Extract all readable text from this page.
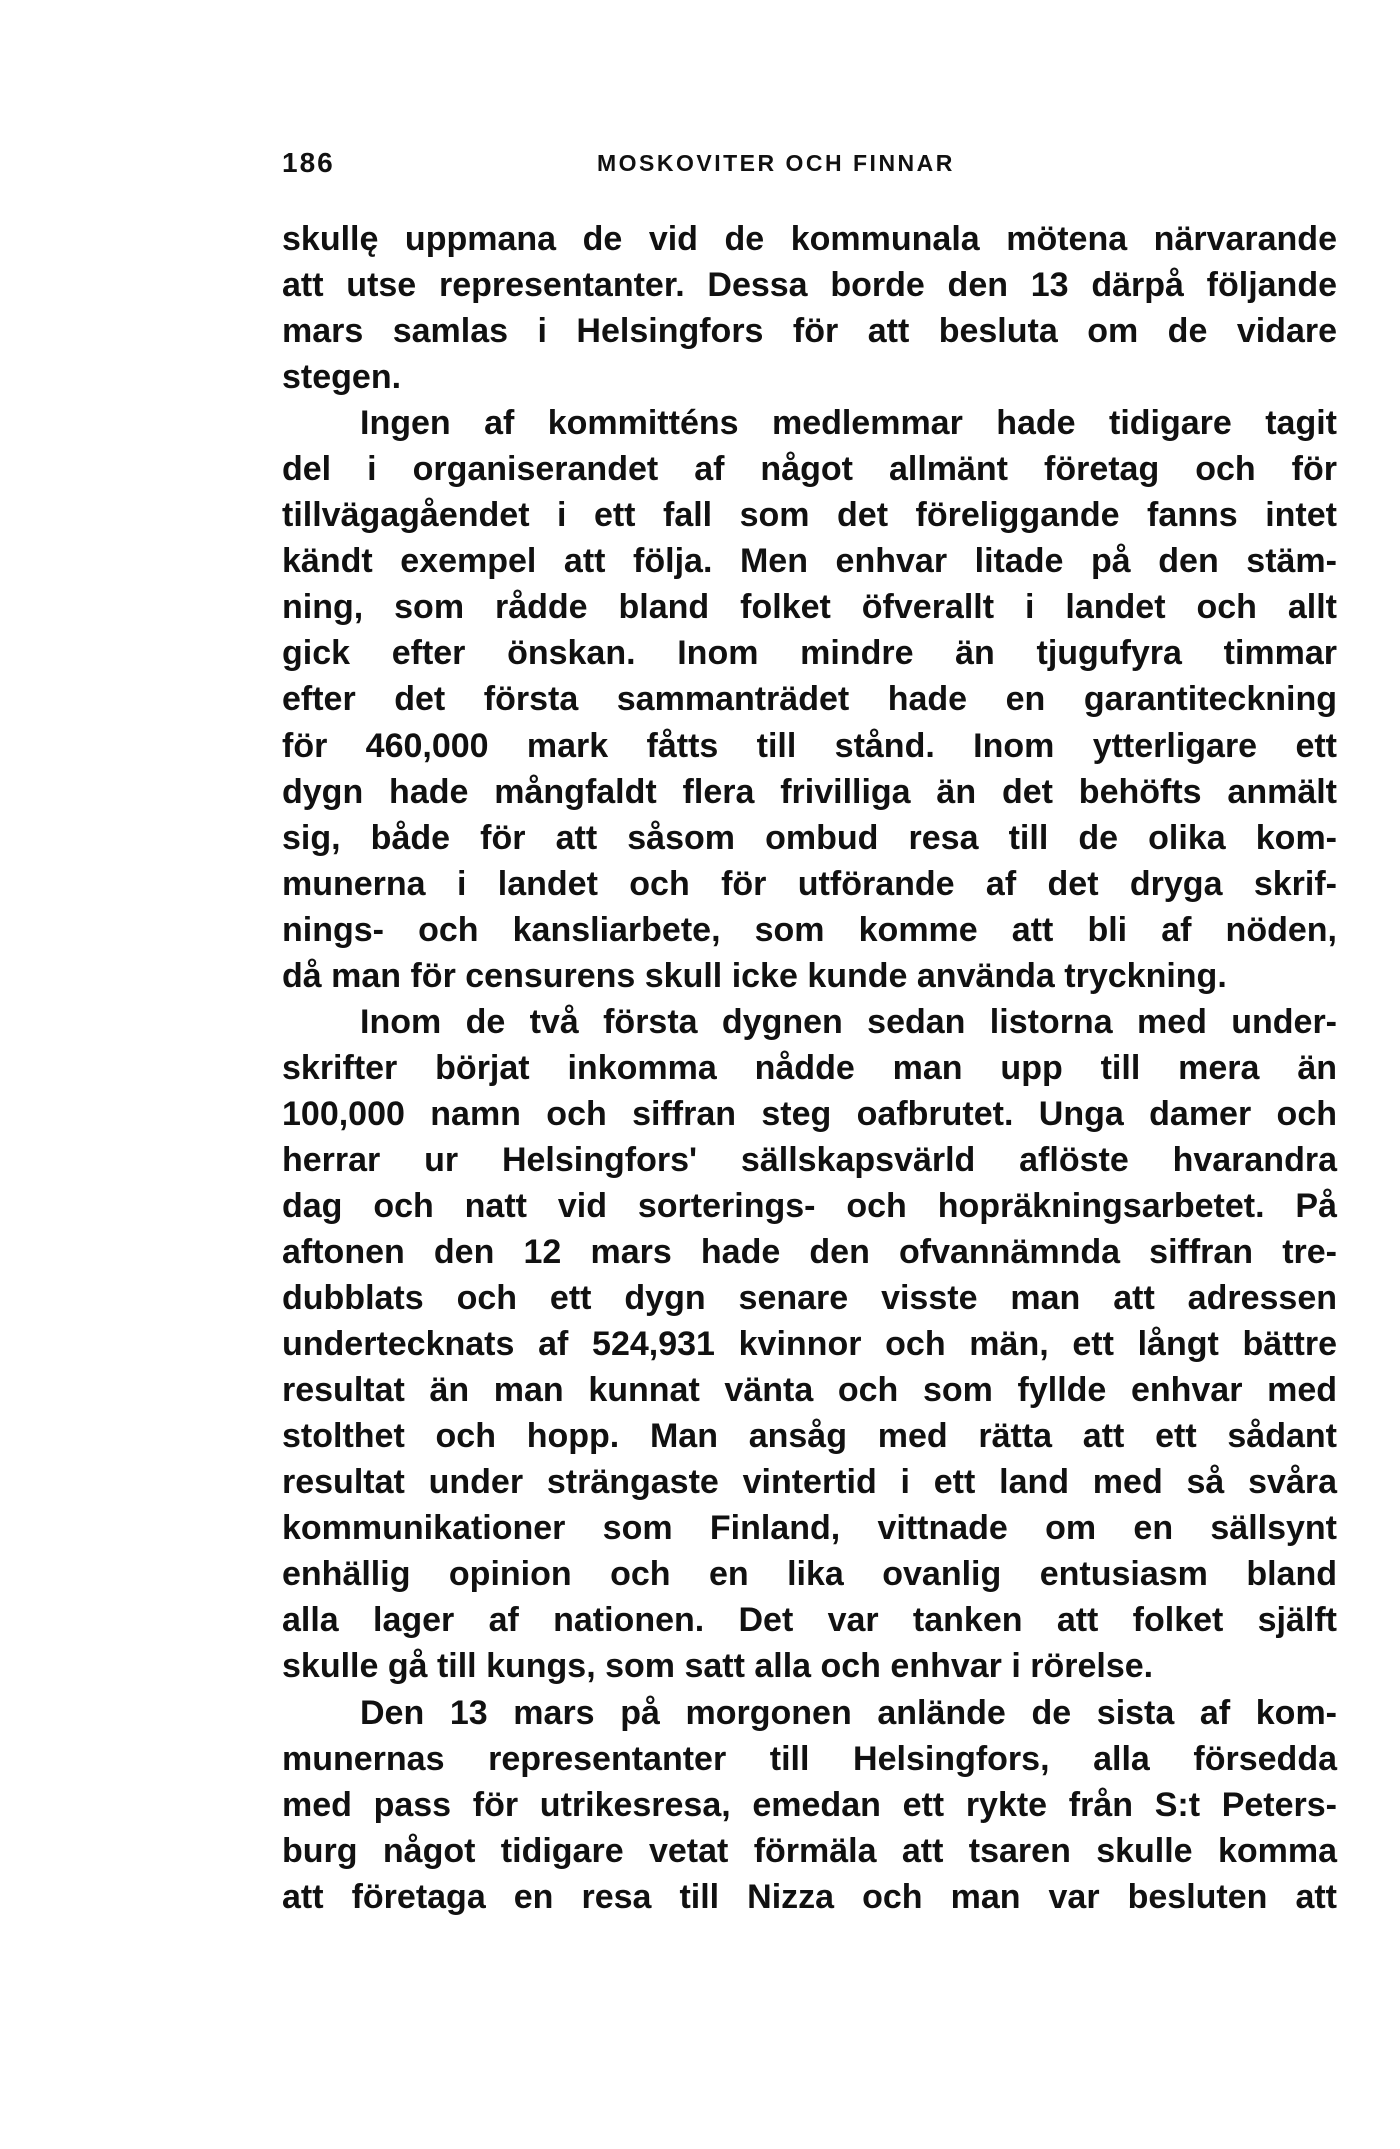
186	MOSKOVITER OCH FINNAR
skullę uppmana de vid de kommunala mötena närvarande
att utse representanter. Dessa borde den 13 därpå följande
mars samlas i Helsingfors för att besluta om de vidare
stegen.
Ingen af kommitténs medlemmar hade tidigare tagit
del i organiserandet af något allmänt företag och för
tillvägagåendet i ett fall som det föreliggande fanns intet
kändt exempel att följa. Men enhvar litade på den stäm-
ning, som rådde bland folket öfverallt i landet och allt
gick efter önskan. Inom mindre än tjugufyra timmar
efter det första sammanträdet hade en garantiteckning
för 460,000 mark fåtts till stånd. Inom ytterligare ett
dygn hade mångfaldt flera frivilliga än det behöfts anmält
sig, både för att såsom ombud resa till de olika kom-
munerna i landet och för utförande af det dryga skrif-
nings- och kansliarbete, som komme att bli af nöden,
då man för censurens skull icke kunde använda tryckning.
Inom de två första dygnen sedan listorna med under-
skrifter börjat inkomma nådde man upp till mera än
100,000 namn och siffran steg oafbrutet. Unga damer och
herrar ur Helsingfors' sällskapsvärld aflöste hvarandra
dag och natt vid sorterings- och hopräkningsarbetet. På
aftonen den 12 mars hade den ofvannämnda siffran tre-
dubblats och ett dygn senare visste man att adressen
undertecknats af 524,931 kvinnor och män, ett långt bättre
resultat än man kunnat vänta och som fyllde enhvar med
stolthet och hopp. Man ansåg med rätta att ett sådant
resultat under strängaste vintertid i ett land med så svåra
kommunikationer som Finland, vittnade om en sällsynt
enhällig opinion och en lika ovanlig entusiasm bland
alla lager af nationen. Det var tanken att folket själft
skulle gå till kungs, som satt alla och enhvar i rörelse.
Den 13 mars på morgonen anlände de sista af kom-
munernas representanter till Helsingfors, alla försedda
med pass för utrikesresa, emedan ett rykte från S:t Peters-
burg något tidigare vetat förmäla att tsaren skulle komma
att företaga en resa till Nizza och man var besluten att
